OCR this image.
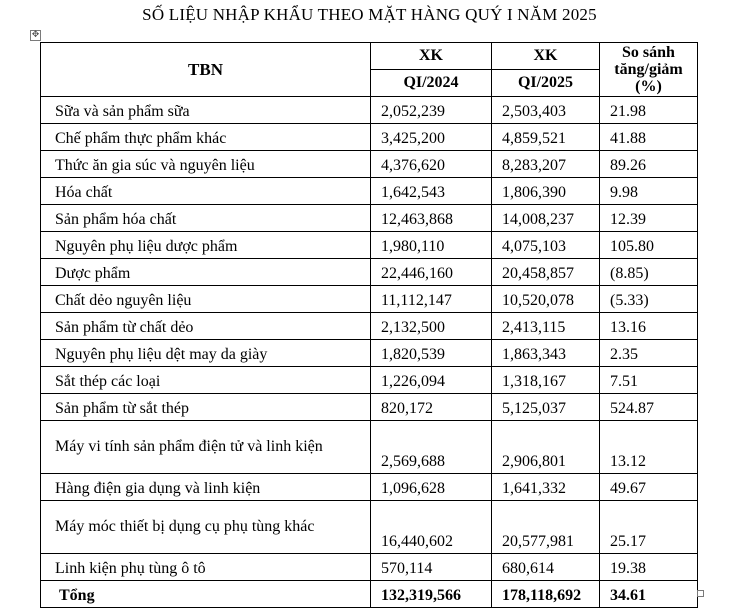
SỐ LIỆU NHẬP KHẨU THEO MẶT HÀNG QUÝ I NĂM 2025
✥
TBN	XK	XK	So sánh tăng/giảm (%)
	QI/2024	QI/2025	
Sữa và sản phẩm sữa	2,052,239	2,503,403	21.98
Chế phẩm thực phẩm khác	3,425,200	4,859,521	41.88
Thức ăn gia súc và nguyên liệu	4,376,620	8,283,207	89.26
Hóa chất	1,642,543	1,806,390	9.98
Sản phẩm hóa chất	12,463,868	14,008,237	12.39
Nguyên phụ liệu dược phẩm	1,980,110	4,075,103	105.80
Dược phẩm	22,446,160	20,458,857	(8.85)
Chất dẻo nguyên liệu	11,112,147	10,520,078	(5.33)
Sản phẩm từ chất dẻo	2,132,500	2,413,115	13.16
Nguyên phụ liệu dệt may da giày	1,820,539	1,863,343	2.35
Sắt thép các loại	1,226,094	1,318,167	7.51
Sản phẩm từ sắt thép	820,172	5,125,037	524.87
Máy vi tính sản phẩm điện tử và linh kiện	2,569,688	2,906,801	13.12
Hàng điện gia dụng và linh kiện	1,096,628	1,641,332	49.67
Máy móc thiết bị dụng cụ phụ tùng khác	16,440,602	20,577,981	25.17
Linh kiện phụ tùng ô tô	570,114	680,614	19.38
Tổng	132,319,566	178,118,692	34.61
